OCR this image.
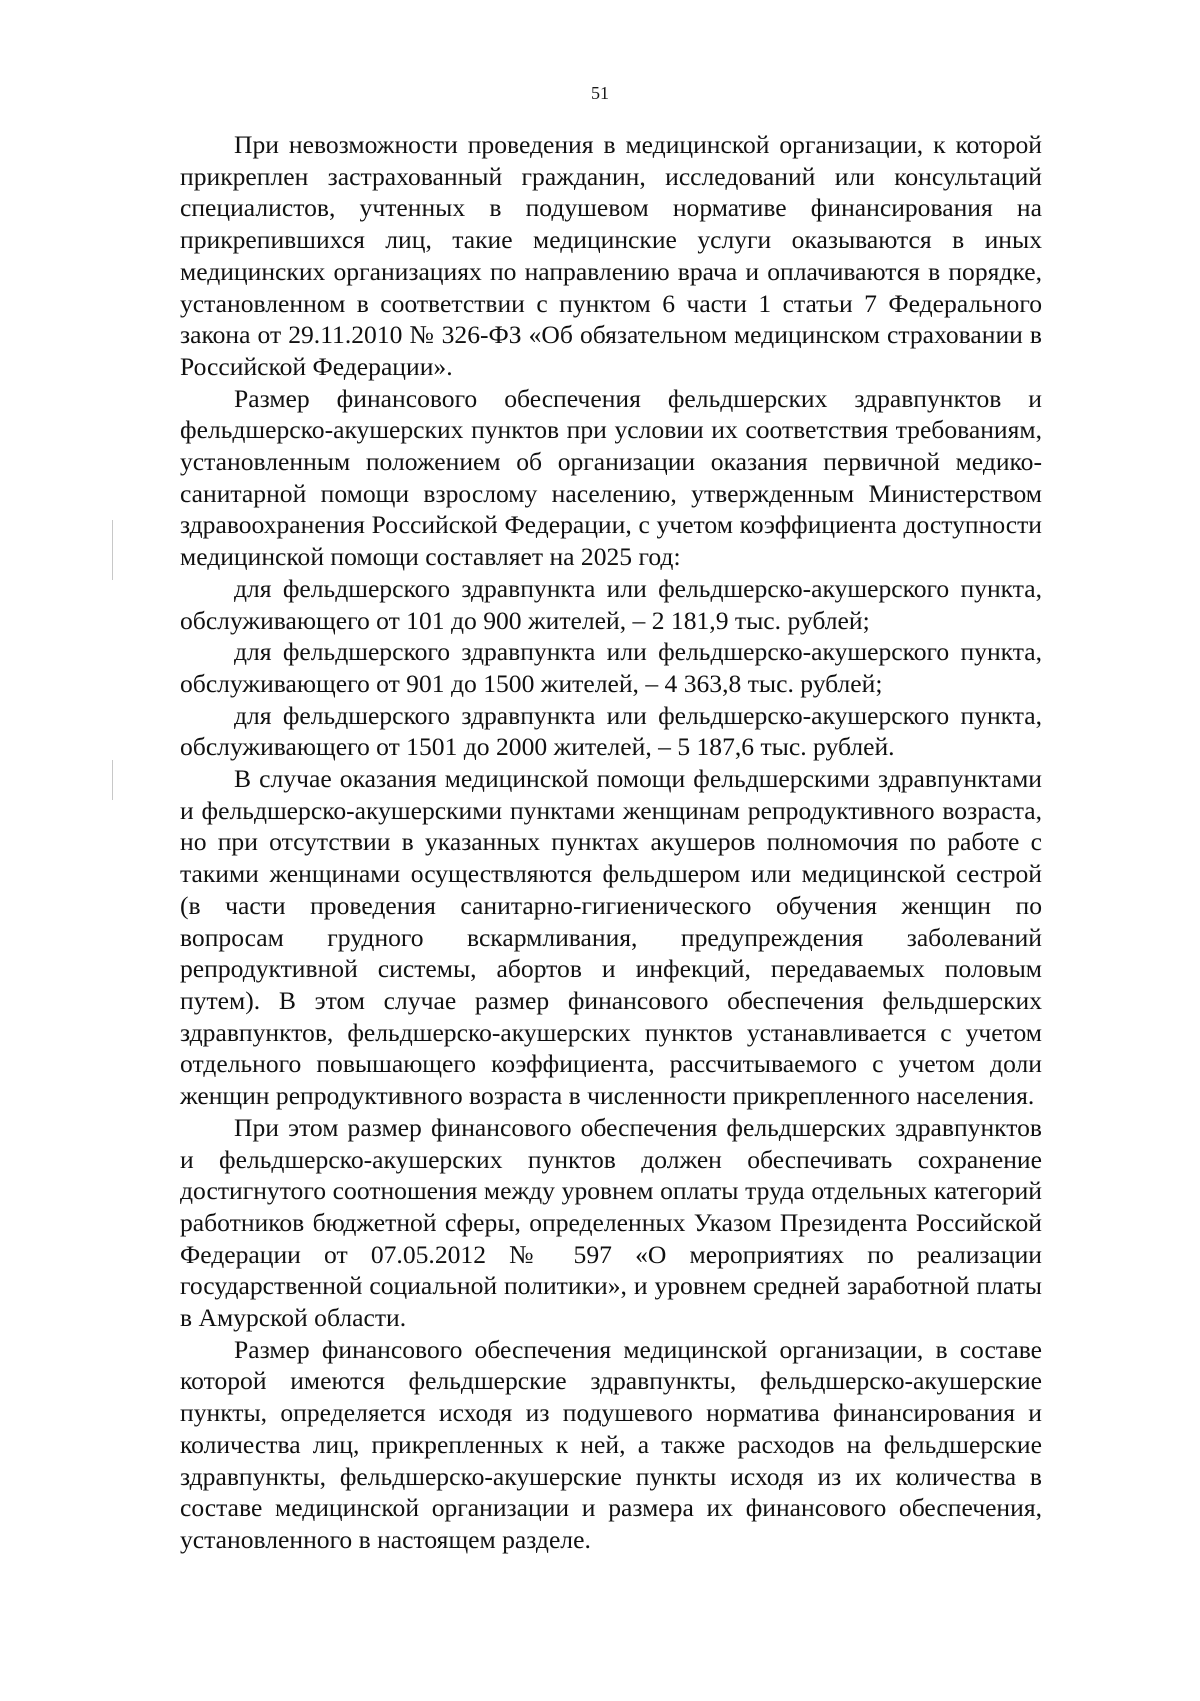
51

При невозможности проведения в медицинской организации, к которой прикреплен застрахованный гражданин, исследований или консультаций специалистов, учтенных в подушевом нормативе финансирования на прикрепившихся лиц, такие медицинские услуги оказываются в иных медицинских организациях по направлению врача и оплачиваются в порядке, установленном в соответствии с пунктом 6 части 1 статьи 7 Федерального закона от 29.11.2010 № 326-ФЗ «Об обязательном медицинском страховании в Российской Федерации».

Размер финансового обеспечения фельдшерских здравпунктов и фельдшерско-акушерских пунктов при условии их соответствия требованиям, установленным положением об организации оказания первичной медико-санитарной помощи взрослому населению, утвержденным Министерством здравоохранения Российской Федерации, с учетом коэффициента доступности медицинской помощи составляет на 2025 год:

для фельдшерского здравпункта или фельдшерско-акушерского пункта, обслуживающего от 101 до 900 жителей, – 2 181,9 тыс. рублей;

для фельдшерского здравпункта или фельдшерско-акушерского пункта, обслуживающего от 901 до 1500 жителей, – 4 363,8 тыс. рублей;

для фельдшерского здравпункта или фельдшерско-акушерского пункта, обслуживающего от 1501 до 2000 жителей, – 5 187,6 тыс. рублей.

В случае оказания медицинской помощи фельдшерскими здравпунктами и фельдшерско-акушерскими пунктами женщинам репродуктивного возраста, но при отсутствии в указанных пунктах акушеров полномочия по работе с такими женщинами осуществляются фельдшером или медицинской сестрой (в части проведения санитарно-гигиенического обучения женщин по вопросам грудного вскармливания, предупреждения заболеваний репродуктивной системы, абортов и инфекций, передаваемых половым путем). В этом случае размер финансового обеспечения фельдшерских здравпунктов, фельдшерско-акушерских пунктов устанавливается с учетом отдельного повышающего коэффициента, рассчитываемого с учетом доли женщин репродуктивного возраста в численности прикрепленного населения.

При этом размер финансового обеспечения фельдшерских здравпунктов и фельдшерско-акушерских пунктов должен обеспечивать сохранение достигнутого соотношения между уровнем оплаты труда отдельных категорий работников бюджетной сферы, определенных Указом Президента Российской Федерации от 07.05.2012 № 597 «О мероприятиях по реализации государственной социальной политики», и уровнем средней заработной платы в Амурской области.

Размер финансового обеспечения медицинской организации, в составе которой имеются фельдшерские здравпункты, фельдшерско-акушерские пункты, определяется исходя из подушевого норматива финансирования и количества лиц, прикрепленных к ней, а также расходов на фельдшерские здравпункты, фельдшерско-акушерские пункты исходя из их количества в составе медицинской организации и размера их финансового обеспечения, установленного в настоящем разделе.
